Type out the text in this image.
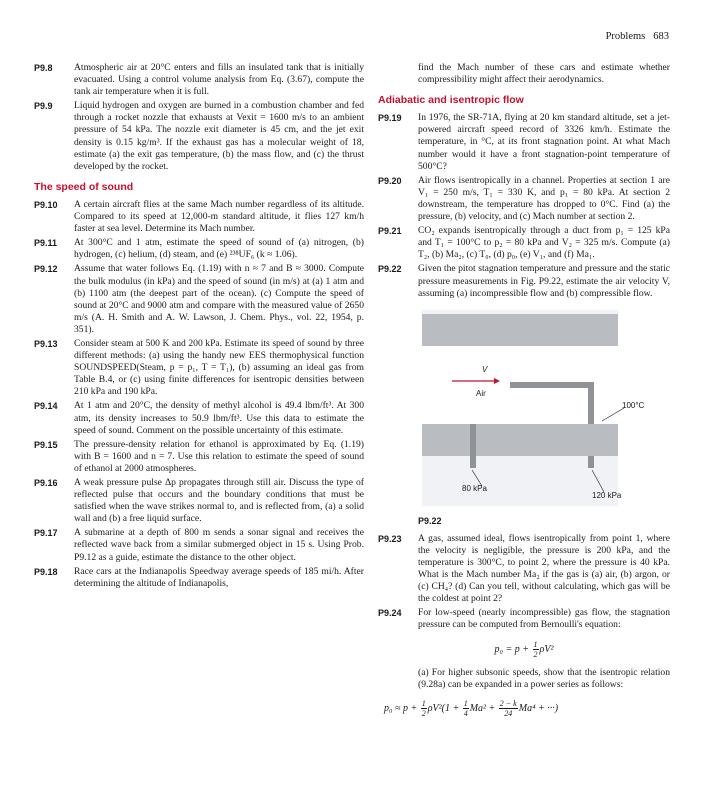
Problems 683
P9.8 Atmospheric air at 20°C enters and fills an insulated tank that is initially evacuated. Using a control volume analysis from Eq. (3.67), compute the tank air temperature when it is full.
P9.9 Liquid hydrogen and oxygen are burned in a combustion chamber and fed through a rocket nozzle that exhausts at Vexit = 1600 m/s to an ambient pressure of 54 kPa. The nozzle exit diameter is 45 cm, and the jet exit density is 0.15 kg/m³. If the exhaust gas has a molecular weight of 18, estimate (a) the exit gas temperature, (b) the mass flow, and (c) the thrust developed by the rocket.
The speed of sound
P9.10 A certain aircraft flies at the same Mach number regardless of its altitude. Compared to its speed at 12,000-m standard altitude, it flies 127 km/h faster at sea level. Determine its Mach number.
P9.11 At 300°C and 1 atm, estimate the speed of sound of (a) nitrogen, (b) hydrogen, (c) helium, (d) steam, and (e) ²³⁸UF₆ (k ≈ 1.06).
P9.12 Assume that water follows Eq. (1.19) with n ≈ 7 and B ≈ 3000. Compute the bulk modulus (in kPa) and the speed of sound (in m/s) at (a) 1 atm and (b) 1100 atm (the deepest part of the ocean). (c) Compute the speed of sound at 20°C and 9000 atm and compare with the measured value of 2650 m/s (A. H. Smith and A. W. Lawson, J. Chem. Phys., vol. 22, 1954, p. 351).
P9.13 Consider steam at 500 K and 200 kPa. Estimate its speed of sound by three different methods: (a) using the handy new EES thermophysical function SOUNDSPEED(Steam, p = p₁, T = T₁), (b) assuming an ideal gas from Table B.4, or (c) using finite differences for isentropic densities between 210 kPa and 190 kPa.
P9.14 At 1 atm and 20°C, the density of methyl alcohol is 49.4 lbm/ft³. At 300 atm, its density increases to 50.9 lbm/ft³. Use this data to estimate the speed of sound. Comment on the possible uncertainty of this estimate.
P9.15 The pressure-density relation for ethanol is approximated by Eq. (1.19) with B = 1600 and n = 7. Use this relation to estimate the speed of sound of ethanol at 2000 atmospheres.
P9.16 A weak pressure pulse Δp propagates through still air. Discuss the type of reflected pulse that occurs and the boundary conditions that must be satisfied when the wave strikes normal to, and is reflected from, (a) a solid wall and (b) a free liquid surface.
P9.17 A submarine at a depth of 800 m sends a sonar signal and receives the reflected wave back from a similar submerged object in 15 s. Using Prob. P9.12 as a guide, estimate the distance to the other object.
P9.18 Race cars at the Indianapolis Speedway average speeds of 185 mi/h. After determining the altitude of Indianapolis,
find the Mach number of these cars and estimate whether compressibility might affect their aerodynamics.
Adiabatic and isentropic flow
P9.19 In 1976, the SR-71A, flying at 20 km standard altitude, set a jet-powered aircraft speed record of 3326 km/h. Estimate the temperature, in °C, at its front stagnation point. At what Mach number would it have a front stagnation-point temperature of 500°C?
P9.20 Air flows isentropically in a channel. Properties at section 1 are V₁ = 250 m/s, T₁ = 330 K, and p₁ = 80 kPa. At section 2 downstream, the temperature has dropped to 0°C. Find (a) the pressure, (b) velocity, and (c) Mach number at section 2.
P9.21 CO₂ expands isentropically through a duct from p₁ = 125 kPa and T₁ = 100°C to p₂ = 80 kPa and V₂ = 325 m/s. Compute (a) T₂, (b) Ma₂, (c) T₀, (d) p₀, (e) V₁, and (f) Ma₁.
P9.22 Given the pitot stagnation temperature and pressure and the static pressure measurements in Fig. P9.22, estimate the air velocity V, assuming (a) incompressible flow and (b) compressible flow.
V
Air
100°C
80 kPa
120 kPa
P9.22
P9.23 A gas, assumed ideal, flows isentropically from point 1, where the velocity is negligible, the pressure is 200 kPa, and the temperature is 300°C, to point 2, where the pressure is 40 kPa. What is the Mach number Ma₂ if the gas is (a) air, (b) argon, or (c) CH₄? (d) Can you tell, without calculating, which gas will be the coldest at point 2?
P9.24 For low-speed (nearly incompressible) gas flow, the stagnation pressure can be computed from Bernoulli's equation:
$p_0 = p + \frac{1}{2} \rho V^2$
(a) For higher subsonic speeds, show that the isentropic relation (9.28a) can be expanded in a power series as follows:
$p_0 \approx p + \frac{1}{2} \rho V^2(1 + \frac{1}{4} Ma^2 + \frac{2 - k}{24} Ma^4$ + ···)
